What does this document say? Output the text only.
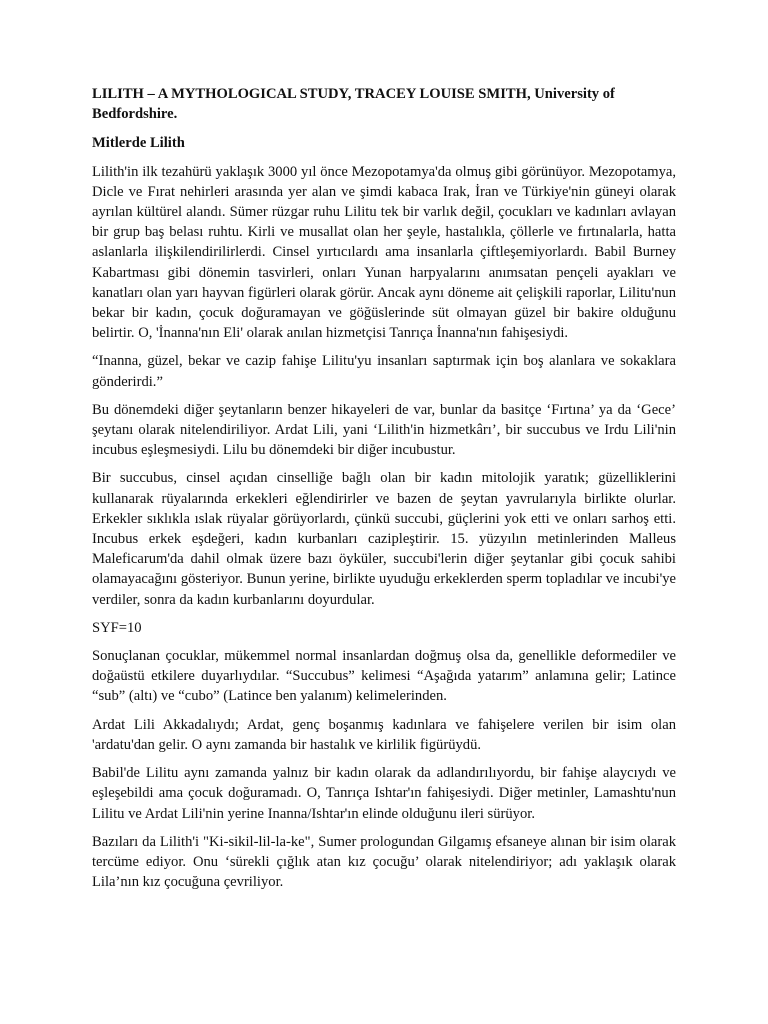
LILITH – A MYTHOLOGICAL STUDY, TRACEY LOUISE SMITH, University of Bedfordshire.

Mitlerde Lilith

Lilith'in ilk tezahürü yaklaşık 3000 yıl önce Mezopotamya'da olmuş gibi görünüyor. Mezopotamya, Dicle ve Fırat nehirleri arasında yer alan ve şimdi kabaca Irak, İran ve Türkiye'nin güneyi olarak ayrılan kültürel alandı. Sümer rüzgar ruhu Lilitu tek bir varlık değil, çocukları ve kadınları avlayan bir grup baş belası ruhtu. Kirli ve musallat olan her şeyle, hastalıkla, çöllerle ve fırtınalarla, hatta aslanlarla ilişkilendirilirlerdi. Cinsel yırtıcılardı ama insanlarla çiftleşemiyorlardı. Babil Burney Kabartması gibi dönemin tasvirleri, onları Yunan harpyalarını anımsatan pençeli ayakları ve kanatları olan yarı hayvan figürleri olarak görür. Ancak aynı döneme ait çelişkili raporlar, Lilitu'nun bekar bir kadın, çocuk doğuramayan ve göğüslerinde süt olmayan güzel bir bakire olduğunu belirtir. O, 'İnanna'nın Eli' olarak anılan hizmetçisi Tanrıça İnanna'nın fahişesiydi.

“Inanna, güzel, bekar ve cazip fahişe Lilitu'yu insanları saptırmak için boş alanlara ve sokaklara gönderirdi.”

Bu dönemdeki diğer şeytanların benzer hikayeleri de var, bunlar da basitçe ‘Fırtına’ ya da ‘Gece’ şeytanı olarak nitelendiriliyor. Ardat Lili, yani ‘Lilith'in hizmetkârı’, bir succubus ve Irdu Lili'nin incubus eşleşmesiydi. Lilu bu dönemdeki bir diğer incubustur.

Bir succubus, cinsel açıdan cinselliğe bağlı olan bir kadın mitolojik yaratık; güzelliklerini kullanarak rüyalarında erkekleri eğlendirirler ve bazen de şeytan yavrularıyla birlikte olurlar. Erkekler sıklıkla ıslak rüyalar görüyorlardı, çünkü succubi, güçlerini yok etti ve onları sarhoş etti. Incubus erkek eşdeğeri, kadın kurbanları cazipleştirir. 15. yüzyılın metinlerinden Malleus Maleficarum'da dahil olmak üzere bazı öyküler, succubi'lerin diğer şeytanlar gibi çocuk sahibi olamayacağını gösteriyor. Bunun yerine, birlikte uyuduğu erkeklerden sperm topladılar ve incubi'ye verdiler, sonra da kadın kurbanlarını doyurdular.

SYF=10

Sonuçlanan çocuklar, mükemmel normal insanlardan doğmuş olsa da, genellikle deformediler ve doğaüstü etkilere duyarlıydılar. “Succubus” kelimesi “Aşağıda yatarım” anlamına gelir; Latince “sub” (altı) ve “cubo” (Latince ben yalanım) kelimelerinden.

Ardat Lili Akkadalıydı; Ardat, genç boşanmış kadınlara ve fahişelere verilen bir isim olan 'ardatu'dan gelir. O aynı zamanda bir hastalık ve kirlilik figürüydü.

Babil'de Lilitu aynı zamanda yalnız bir kadın olarak da adlandırılıyordu, bir fahişe alaycıydı ve eşleşebildi ama çocuk doğuramadı. O, Tanrıça Ishtar'ın fahişesiydi. Diğer metinler, Lamashtu'nun Lilitu ve Ardat Lili'nin yerine Inanna/Ishtar'ın elinde olduğunu ileri sürüyor.

Bazıları da Lilith'i "Ki-sikil-lil-la-ke", Sumer prologundan Gilgamış efsaneye alınan bir isim olarak tercüme ediyor. Onu ‘sürekli çığlık atan kız çocuğu’ olarak nitelendiriyor; adı yaklaşık olarak Lila’nın kız çocuğuna çevriliyor.
